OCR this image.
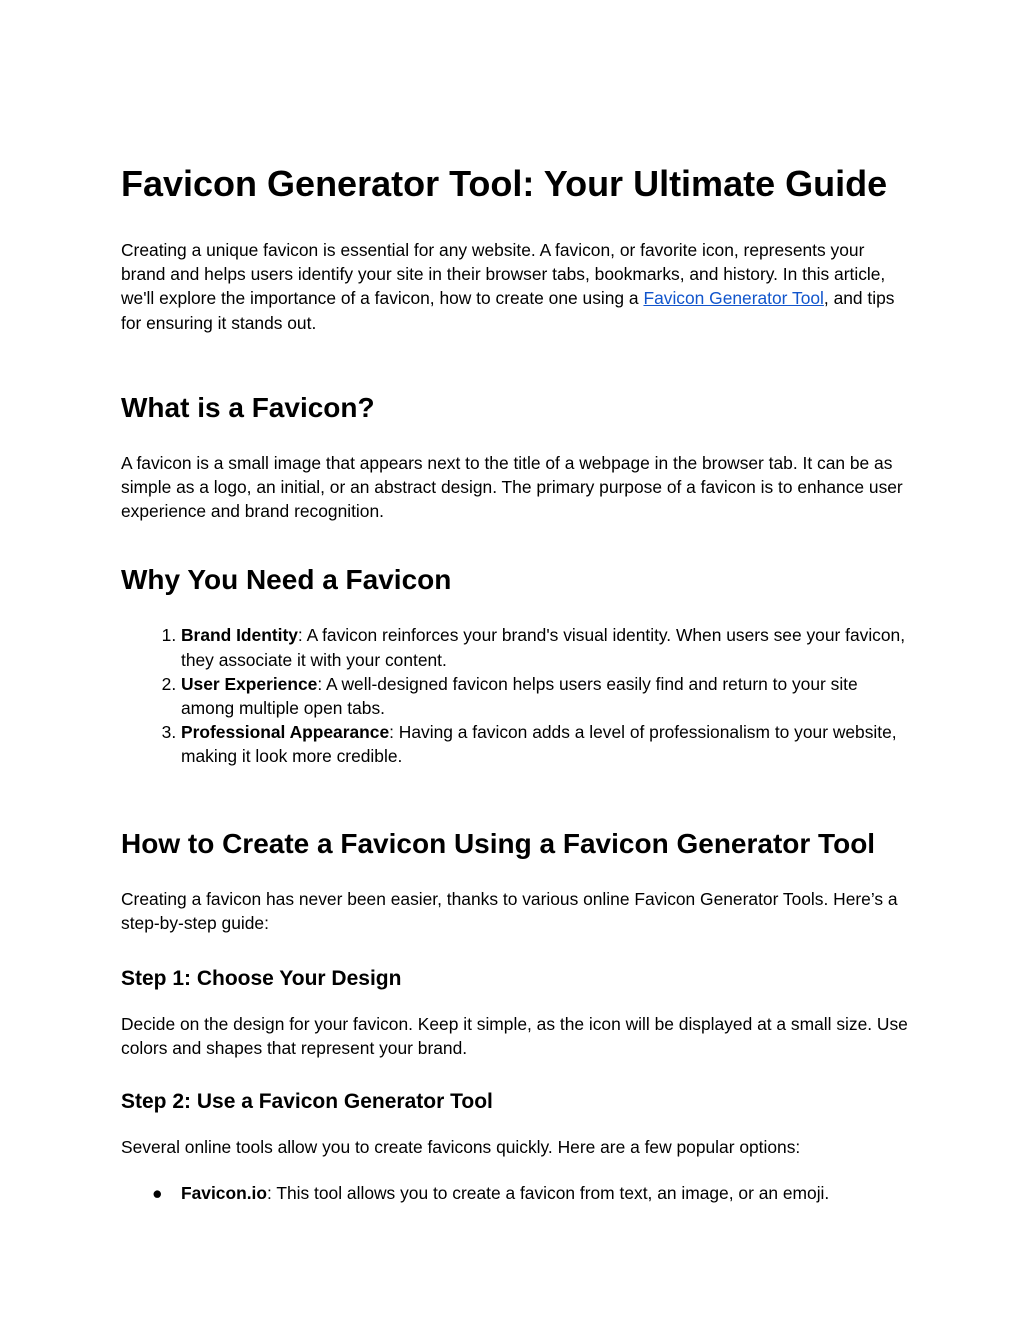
Favicon Generator Tool: Your Ultimate Guide

Creating a unique favicon is essential for any website. A favicon, or favorite icon, represents your brand and helps users identify your site in their browser tabs, bookmarks, and history. In this article, we'll explore the importance of a favicon, how to create one using a Favicon Generator Tool, and tips for ensuring it stands out.

What is a Favicon?

A favicon is a small image that appears next to the title of a webpage in the browser tab. It can be as simple as a logo, an initial, or an abstract design. The primary purpose of a favicon is to enhance user experience and brand recognition.

Why You Need a Favicon
1. Brand Identity: A favicon reinforces your brand's visual identity. When users see your favicon, they associate it with your content.
2. User Experience: A well-designed favicon helps users easily find and return to your site among multiple open tabs.
3. Professional Appearance: Having a favicon adds a level of professionalism to your website, making it look more credible.
How to Create a Favicon Using a Favicon Generator Tool

Creating a favicon has never been easier, thanks to various online Favicon Generator Tools. Here’s a step-by-step guide:

Step 1: Choose Your Design

Decide on the design for your favicon. Keep it simple, as the icon will be displayed at a small size. Use colors and shapes that represent your brand.

Step 2: Use a Favicon Generator Tool

Several online tools allow you to create favicons quickly. Here are a few popular options:

● Favicon.io: This tool allows you to create a favicon from text, an image, or an emoji.
